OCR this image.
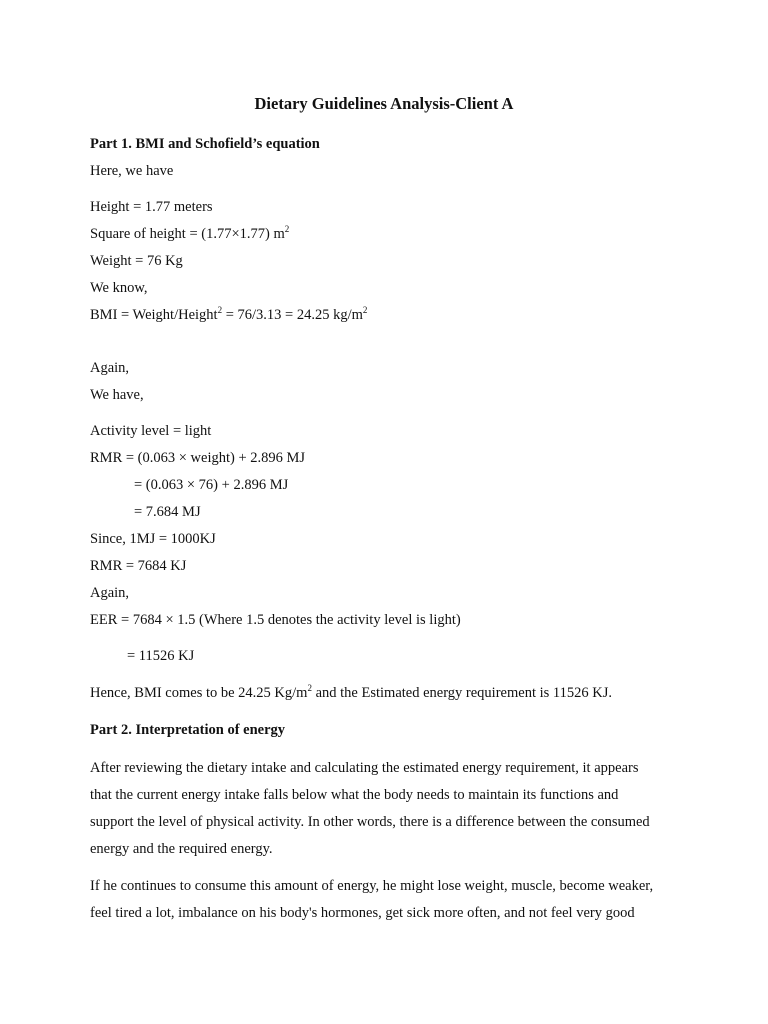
Dietary Guidelines Analysis-Client A
Part 1. BMI and Schofield’s equation
Here, we have
Height = 1.77 meters
Square of height = (1.77×1.77) $m^2$
Weight = 76 Kg
We know,
BMI = Weight/Height$^2$ = 76/3.13 = 24.25 $kg/m^2$
Again,
We have,
Activity level = light
RMR = (0.063 × weight) + 2.896 MJ
= (0.063 × 76) + 2.896 MJ
= 7.684 MJ
Since, 1MJ = 1000KJ
RMR = 7684 KJ
Again,
EER = 7684 × 1.5 (Where 1.5 denotes the activity level is light)
= 11526 KJ
Hence, BMI comes to be 24.25 $Kg/m^2$ and the Estimated energy requirement is 11526 KJ.
Part 2. Interpretation of energy
After reviewing the dietary intake and calculating the estimated energy requirement, it appears
that the current energy intake falls below what the body needs to maintain its functions and
support the level of physical activity. In other words, there is a difference between the consumed
energy and the required energy.
If he continues to consume this amount of energy, he might lose weight, muscle, become weaker,
feel tired a lot, imbalance on his body's hormones, get sick more often, and not feel very good
